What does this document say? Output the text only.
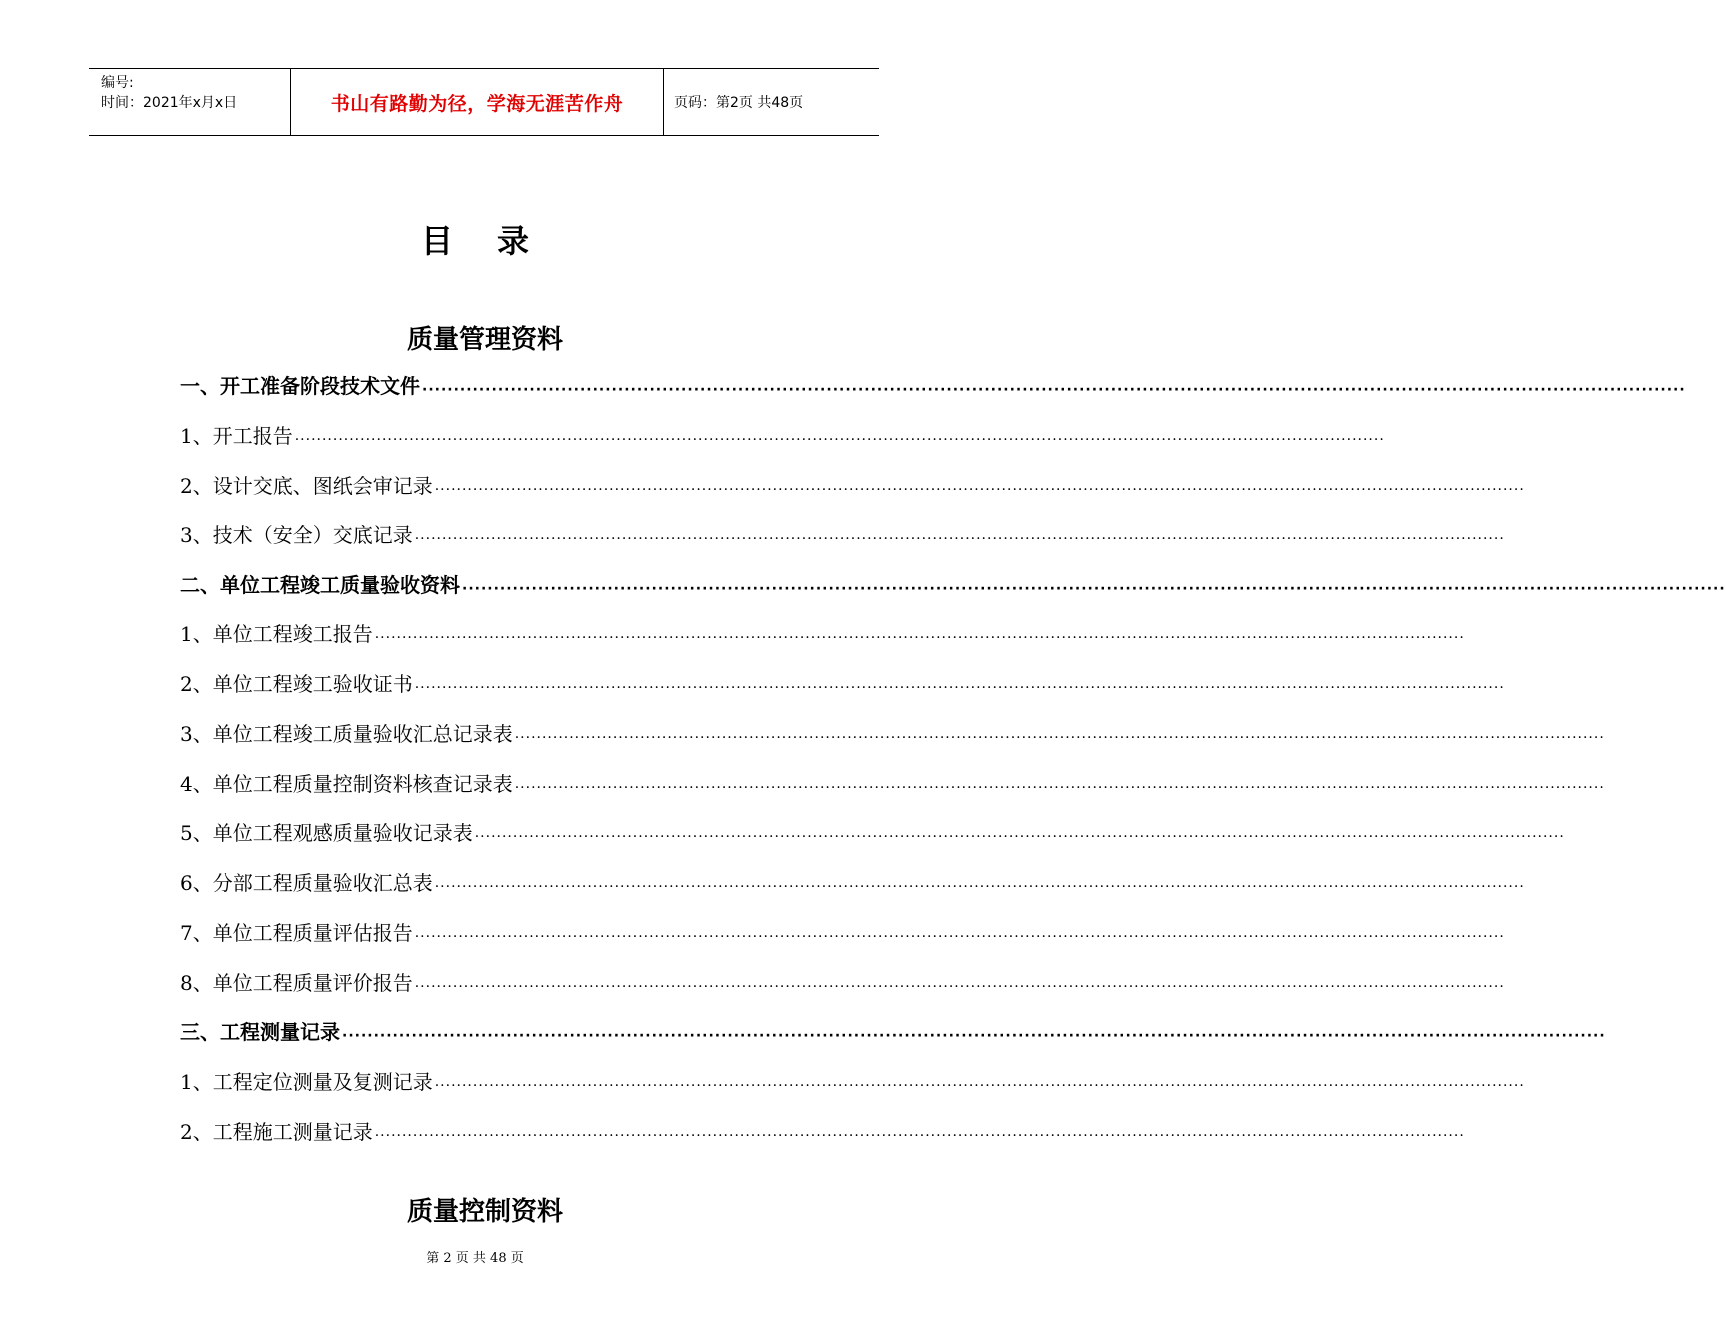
编号:
时间：2021年x月x日	书山有路勤为径，学海无涯苦作舟	页码：第2页 共48页
目 录
质量管理资料
一、开工准备阶段技术文件 ········································································································································································································
1、开工报告 ········································································································································································································
2、设计交底、图纸会审记录 ········································································································································································································
3、技术（安全）交底记录 ········································································································································································································
二、单位工程竣工质量验收资料 ········································································································································································································
1、单位工程竣工报告 ········································································································································································································
2、单位工程竣工验收证书 ········································································································································································································
3、单位工程竣工质量验收汇总记录表 ········································································································································································································
4、单位工程质量控制资料核查记录表 ········································································································································································································
5、单位工程观感质量验收记录表 ········································································································································································································
6、分部工程质量验收汇总表 ········································································································································································································
7、单位工程质量评估报告 ········································································································································································································
8、单位工程质量评价报告 ········································································································································································································
三、工程测量记录 ········································································································································································································
1、工程定位测量及复测记录 ········································································································································································································
2、工程施工测量记录 ········································································································································································································
质量控制资料
第 2 页 共 48 页
